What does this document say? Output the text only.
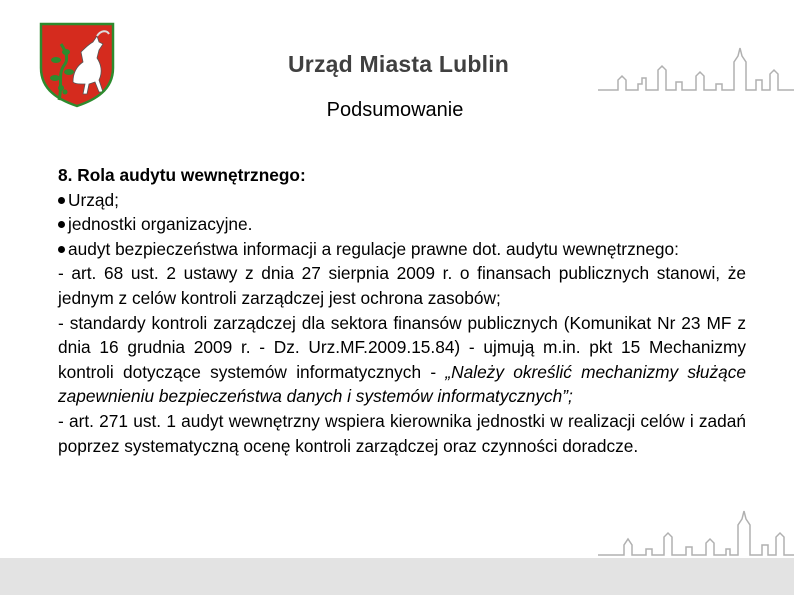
Urząd Miasta Lublin
Podsumowanie

8. Rola audytu wewnętrznego:

Urząd;

jednostki organizacyjne.

audyt bezpieczeństwa informacji a regulacje prawne dot. audytu wewnętrznego:

- art. 68 ust. 2 ustawy z dnia 27 sierpnia 2009 r. o finansach publicznych stanowi, że jednym z celów kontroli zarządczej jest ochrona zasobów;

- standardy kontroli zarządczej dla sektora finansów publicznych (Komunikat Nr 23 MF z dnia 16 grudnia 2009 r. - Dz. Urz.MF.2009.15.84) - ujmują m.in. pkt 15 Mechanizmy kontroli dotyczące systemów informatycznych - „Należy określić mechanizmy służące zapewnieniu bezpieczeństwa danych i systemów informatycznych”;

- art. 271 ust. 1 audyt wewnętrzny wspiera kierownika jednostki w realizacji celów i zadań poprzez systematyczną ocenę kontroli zarządczej oraz czynności doradcze.
